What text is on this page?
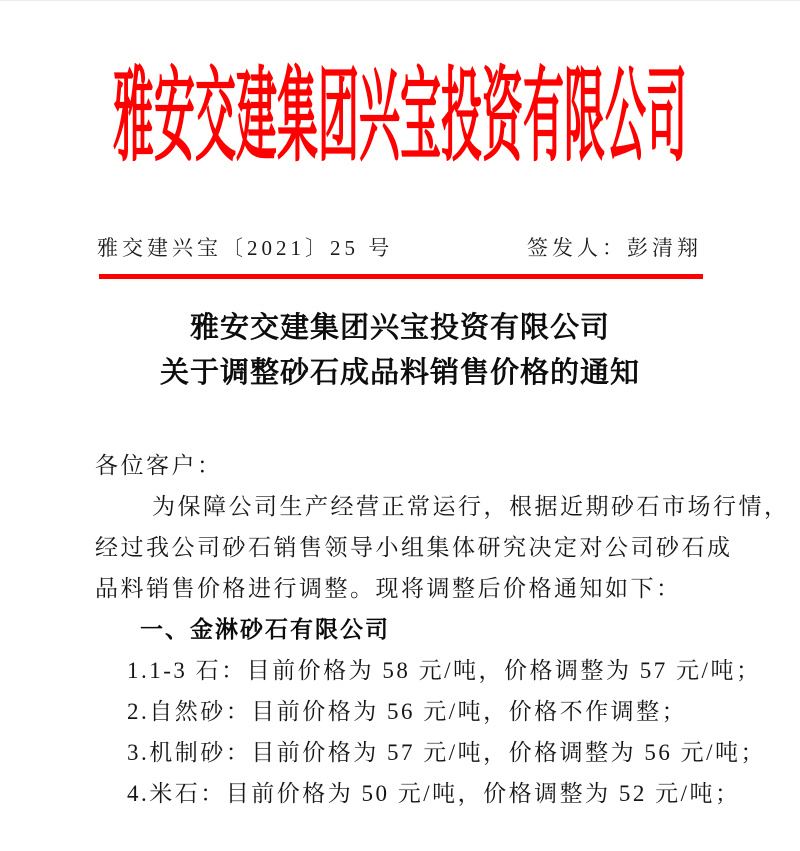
雅安交建集团兴宝投资有限公司
雅交建兴宝〔2021〕25 号	签发人：彭清翔
雅安交建集团兴宝投资有限公司
关于调整砂石成品料销售价格的通知
各位客户：
为保障公司生产经营正常运行，根据近期砂石市场行情，
经过我公司砂石销售领导小组集体研究决定对公司砂石成
品料销售价格进行调整。现将调整后价格通知如下：
一、金淋砂石有限公司
1.1-3 石：目前价格为 58 元/吨，价格调整为 57 元/吨；
2.自然砂：目前价格为 56 元/吨，价格不作调整；
3.机制砂：目前价格为 57 元/吨，价格调整为 56 元/吨；
4.米石：目前价格为 50 元/吨，价格调整为 52 元/吨；
